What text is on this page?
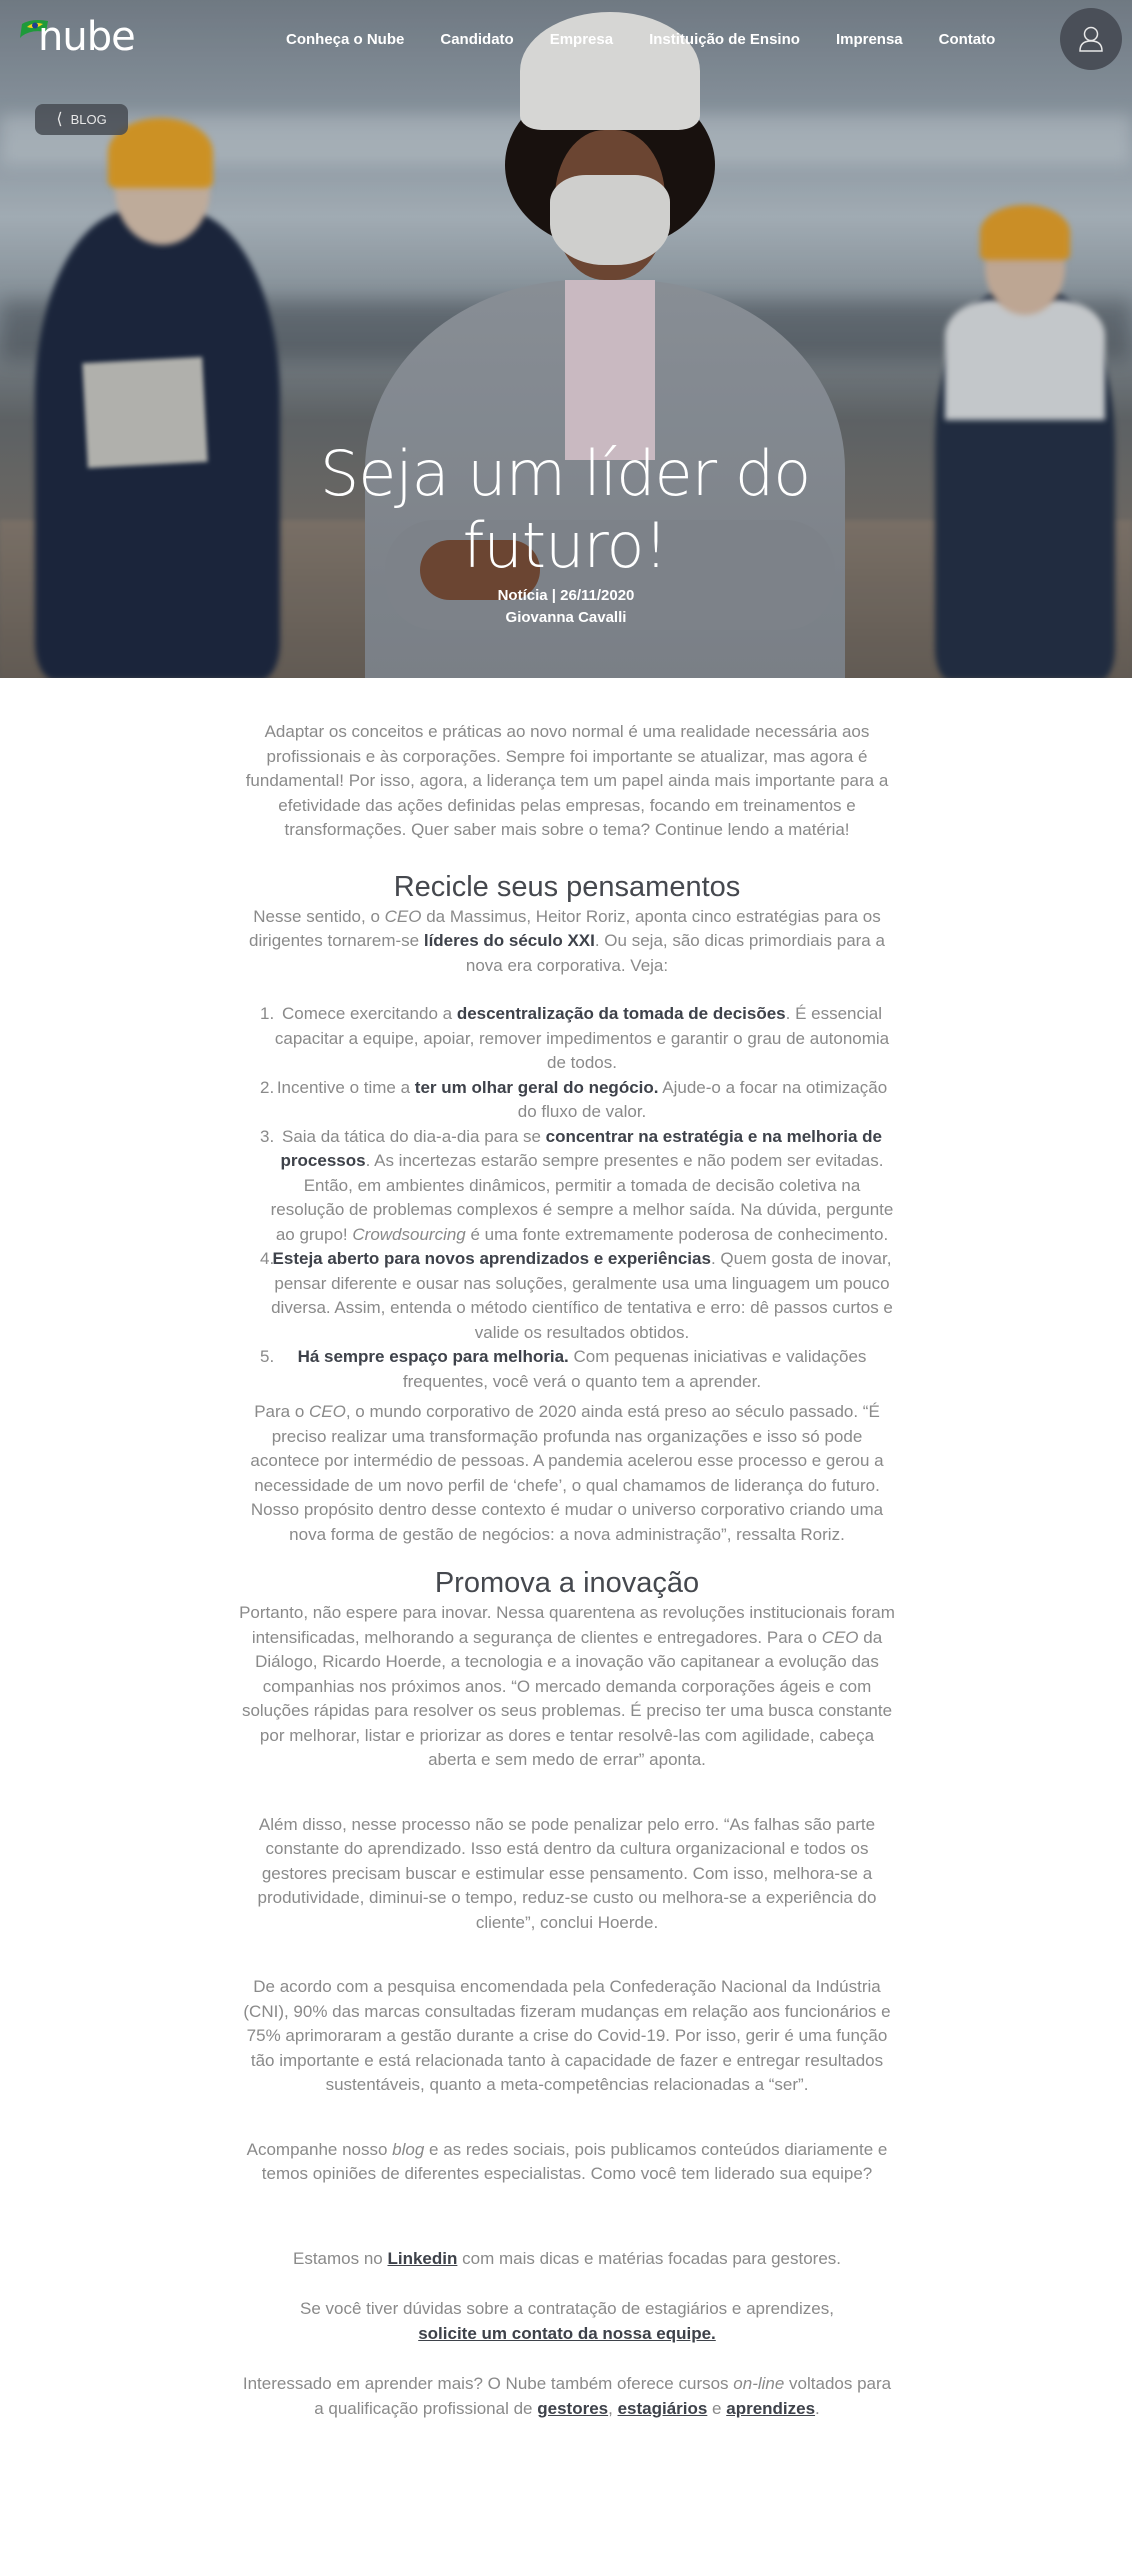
nube	Conheça o Nube Candidato Empresa Instituição de Ensino Imprensa Contato
⟨ BLOG
Seja um líder do futuro!
Notícia | 26/11/2020
Giovanna Cavalli

Adaptar os conceitos e práticas ao novo normal é uma realidade necessária aos profissionais e às corporações. Sempre foi importante se atualizar, mas agora é fundamental! Por isso, agora, a liderança tem um papel ainda mais importante para a efetividade das ações definidas pelas empresas, focando em treinamentos e transformações. Quer saber mais sobre o tema? Continue lendo a matéria!

Recicle seus pensamentos

Nesse sentido, o CEO da Massimus, Heitor Roriz, aponta cinco estratégias para os dirigentes tornarem-se líderes do século XXI. Ou seja, são dicas primordiais para a nova era corporativa. Veja:

1. Comece exercitando a descentralização da tomada de decisões. É essencial capacitar a equipe, apoiar, remover impedimentos e garantir o grau de autonomia de todos.
2. Incentive o time a ter um olhar geral do negócio. Ajude-o a focar na otimização do fluxo de valor.
3. Saia da tática do dia-a-dia para se concentrar na estratégia e na melhoria de processos. As incertezas estarão sempre presentes e não podem ser evitadas. Então, em ambientes dinâmicos, permitir a tomada de decisão coletiva na resolução de problemas complexos é sempre a melhor saída. Na dúvida, pergunte ao grupo! Crowdsourcing é uma fonte extremamente poderosa de conhecimento.
4.
Esteja aberto para novos aprendizados e experiências. Quem gosta de inovar, pensar diferente e ousar nas soluções, geralmente usa uma linguagem um pouco diversa. Assim, entenda o método científico de tentativa e erro: dê passos curtos e valide os resultados obtidos.
5. Há sempre espaço para melhoria. Com pequenas iniciativas e validações frequentes, você verá o quanto tem a aprender.

Para o CEO, o mundo corporativo de 2020 ainda está preso ao século passado. “É preciso realizar uma transformação profunda nas organizações e isso só pode acontece por intermédio de pessoas. A pandemia acelerou esse processo e gerou a necessidade de um novo perfil de ‘chefe’, o qual chamamos de liderança do futuro. Nosso propósito dentro desse contexto é mudar o universo corporativo criando uma nova forma de gestão de negócios: a nova administração”, ressalta Roriz.

Promova a inovação

Portanto, não espere para inovar. Nessa quarentena as revoluções institucionais foram intensificadas, melhorando a segurança de clientes e entregadores. Para o CEO da Diálogo, Ricardo Hoerde, a tecnologia e a inovação vão capitanear a evolução das companhias nos próximos anos. “O mercado demanda corporações ágeis e com soluções rápidas para resolver os seus problemas. É preciso ter uma busca constante por melhorar, listar e priorizar as dores e tentar resolvê-las com agilidade, cabeça aberta e sem medo de errar” aponta.

Além disso, nesse processo não se pode penalizar pelo erro. “As falhas são parte constante do aprendizado. Isso está dentro da cultura organizacional e todos os gestores precisam buscar e estimular esse pensamento. Com isso, melhora-se a produtividade, diminui-se o tempo, reduz-se custo ou melhora-se a experiência do cliente”, conclui Hoerde.

De acordo com a pesquisa encomendada pela Confederação Nacional da Indústria (CNI), 90% das marcas consultadas fizeram mudanças em relação aos funcionários e 75% aprimoraram a gestão durante a crise do Covid-19. Por isso, gerir é uma função tão importante e está relacionada tanto à capacidade de fazer e entregar resultados sustentáveis, quanto a meta-competências relacionadas a “ser”.

Acompanhe nosso blog e as redes sociais, pois publicamos conteúdos diariamente e temos opiniões de diferentes especialistas. Como você tem liderado sua equipe?

Estamos no Linkedin com mais dicas e matérias focadas para gestores.

Se você tiver dúvidas sobre a contratação de estagiários e aprendizes,
solicite um contato da nossa equipe.

Interessado em aprender mais? O Nube também oferece cursos on-line voltados para a qualificação profissional de gestores, estagiários e aprendizes.
